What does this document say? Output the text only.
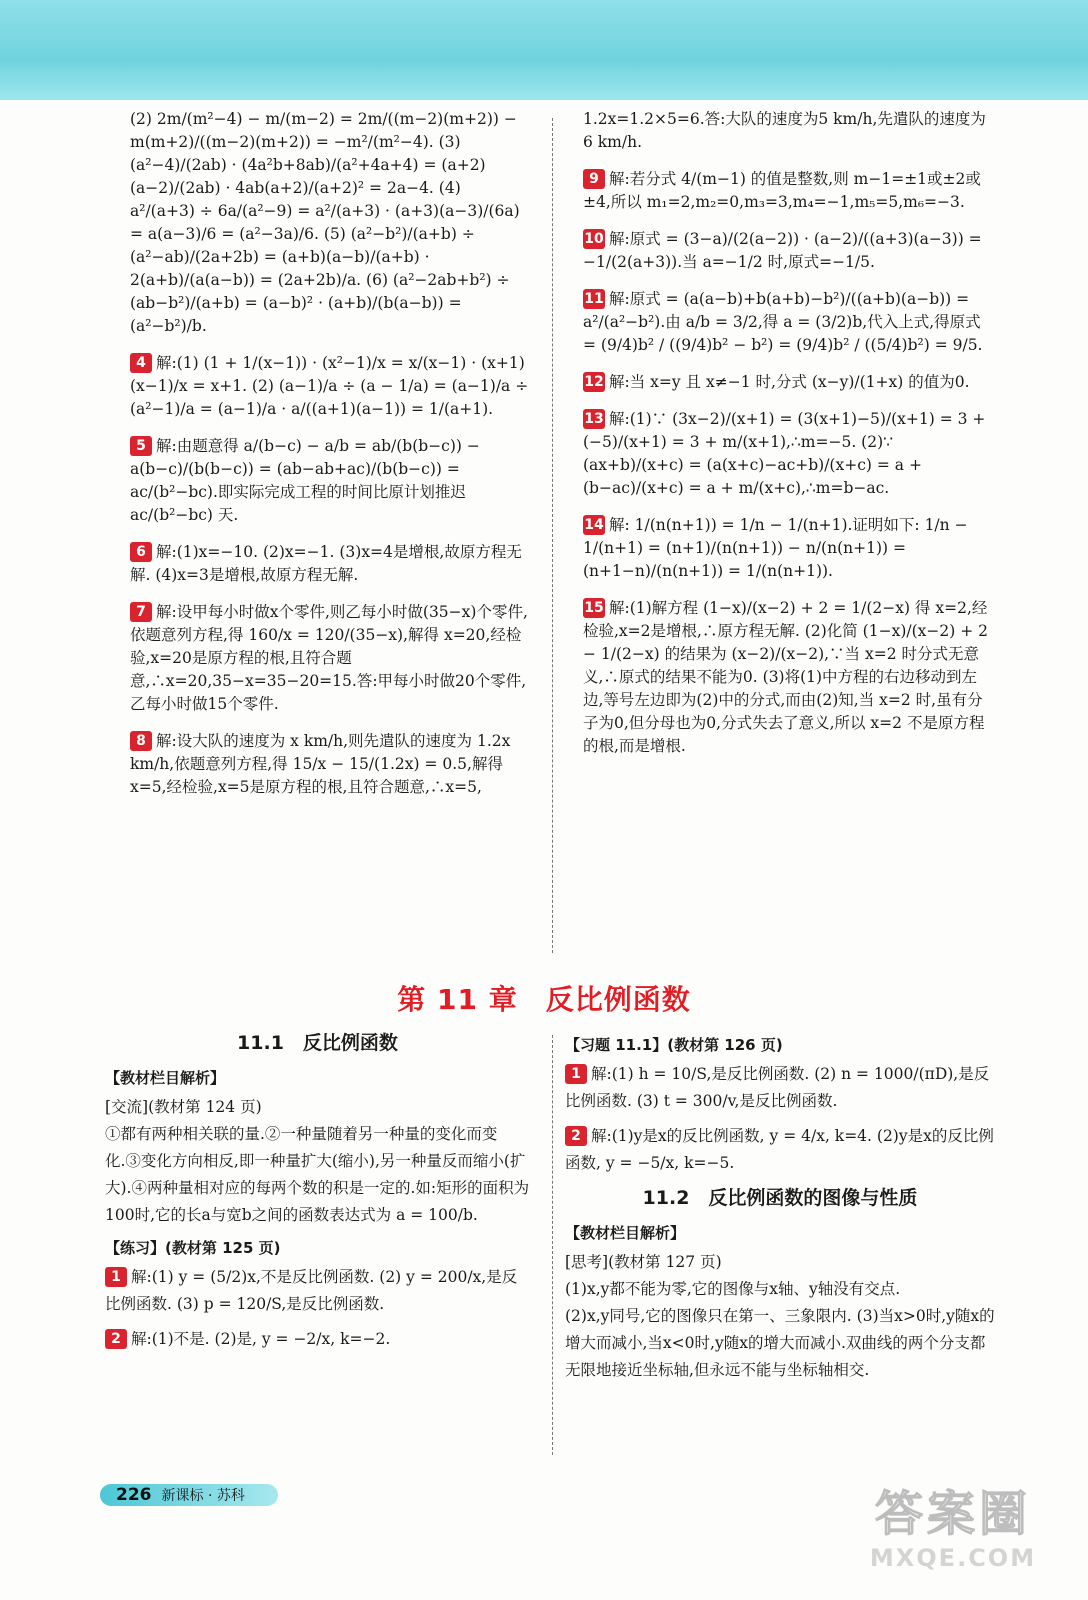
(2) 2m/(m²−4) − m/(m−2) = 2m/((m−2)(m+2)) − m(m+2)/((m−2)(m+2)) = −m²/(m²−4). (3) (a²−4)/(2ab) · (4a²b+8ab)/(a²+4a+4) = (a+2)(a−2)/(2ab) · 4ab(a+2)/(a+2)² = 2a−4. (4) a²/(a+3) ÷ 6a/(a²−9) = a²/(a+3) · (a+3)(a−3)/(6a) = a(a−3)/6 = (a²−3a)/6. (5) (a²−b²)/(a+b) ÷ (a²−ab)/(2a+2b) = (a+b)(a−b)/(a+b) · 2(a+b)/(a(a−b)) = (2a+2b)/a. (6) (a²−2ab+b²) ÷ (ab−b²)/(a+b) = (a−b)² · (a+b)/(b(a−b)) = (a²−b²)/b.

4 解:(1) (1 + 1/(x−1)) · (x²−1)/x = x/(x−1) · (x+1)(x−1)/x = x+1. (2) (a−1)/a ÷ (a − 1/a) = (a−1)/a ÷ (a²−1)/a = (a−1)/a · a/((a+1)(a−1)) = 1/(a+1).
5 解:由题意得 a/(b−c) − a/b = ab/(b(b−c)) − a(b−c)/(b(b−c)) = (ab−ab+ac)/(b(b−c)) = ac/(b²−bc).即实际完成工程的时间比原计划推迟 ac/(b²−bc) 天.
6 解:(1)x=−10. (2)x=−1. (3)x=4是增根,故原方程无解. (4)x=3是增根,故原方程无解.
7 解:设甲每小时做x个零件,则乙每小时做(35−x)个零件,依题意列方程,得 160/x = 120/(35−x),解得 x=20,经检验,x=20是原方程的根,且符合题意,∴x=20,35−x=35−20=15.答:甲每小时做20个零件,乙每小时做15个零件.
8 解:设大队的速度为 x km/h,则先遣队的速度为 1.2x km/h,依题意列方程,得 15/x − 15/(1.2x) = 0.5,解得 x=5,经检验,x=5是原方程的根,且符合题意,∴x=5,

1.2x=1.2×5=6.答:大队的速度为5 km/h,先遣队的速度为6 km/h.

9 解:若分式 4/(m−1) 的值是整数,则 m−1=±1或±2或±4,所以 m₁=2,m₂=0,m₃=3,m₄=−1,m₅=5,m₆=−3.
10 解:原式 = (3−a)/(2(a−2)) · (a−2)/((a+3)(a−3)) = −1/(2(a+3)).当 a=−1/2 时,原式=−1/5.
11 解:原式 = (a(a−b)+b(a+b)−b²)/((a+b)(a−b)) = a²/(a²−b²).由 a/b = 3/2,得 a = (3/2)b,代入上式,得原式 = (9/4)b² / ((9/4)b² − b²) = (9/4)b² / ((5/4)b²) = 9/5.
12 解:当 x=y 且 x≠−1 时,分式 (x−y)/(1+x) 的值为0.
13 解:(1)∵ (3x−2)/(x+1) = (3(x+1)−5)/(x+1) = 3 + (−5)/(x+1) = 3 + m/(x+1),∴m=−5. (2)∵ (ax+b)/(x+c) = (a(x+c)−ac+b)/(x+c) = a + (b−ac)/(x+c) = a + m/(x+c),∴m=b−ac.
14 解: 1/(n(n+1)) = 1/n − 1/(n+1).证明如下: 1/n − 1/(n+1) = (n+1)/(n(n+1)) − n/(n(n+1)) = (n+1−n)/(n(n+1)) = 1/(n(n+1)).
15 解:(1)解方程 (1−x)/(x−2) + 2 = 1/(2−x) 得 x=2,经检验,x=2是增根,∴原方程无解. (2)化简 (1−x)/(x−2) + 2 − 1/(2−x) 的结果为 (x−2)/(x−2),∵当 x=2 时分式无意义,∴原式的结果不能为0. (3)将(1)中方程的右边移动到左边,等号左边即为(2)中的分式,而由(2)知,当 x=2 时,虽有分子为0,但分母也为0,分式失去了意义,所以 x=2 不是原方程的根,而是增根.
第 11 章 反比例函数
11.1　反比例函数
【教材栏目解析】
[交流](教材第 124 页)

①都有两种相关联的量.②一种量随着另一种量的变化而变化.③变化方向相反,即一种量扩大(缩小),另一种量反而缩小(扩大).④两种量相对应的每两个数的积是一定的.如:矩形的面积为100时,它的长a与宽b之间的函数表达式为 a = 100/b.

【练习】(教材第 125 页)
1 解:(1) y = (5/2)x,不是反比例函数. (2) y = 200/x,是反比例函数. (3) p = 120/S,是反比例函数.
2 解:(1)不是. (2)是, y = −2/x, k=−2.
【习题 11.1】(教材第 126 页)
1 解:(1) h = 10/S,是反比例函数. (2) n = 1000/(πD),是反比例函数. (3) t = 300/v,是反比例函数.
2 解:(1)y是x的反比例函数, y = 4/x, k=4. (2)y是x的反比例函数, y = −5/x, k=−5.
11.2　反比例函数的图像与性质
【教材栏目解析】
[思考](教材第 127 页)

(1)x,y都不能为零,它的图像与x轴、y轴没有交点.

(2)x,y同号,它的图像只在第一、三象限内. (3)当x>0时,y随x的增大而减小,当x<0时,y随x的增大而减小.双曲线的两个分支都无限地接近坐标轴,但永远不能与坐标轴相交.

226 新课标 · 苏科	答案圈
MXQE.COM
